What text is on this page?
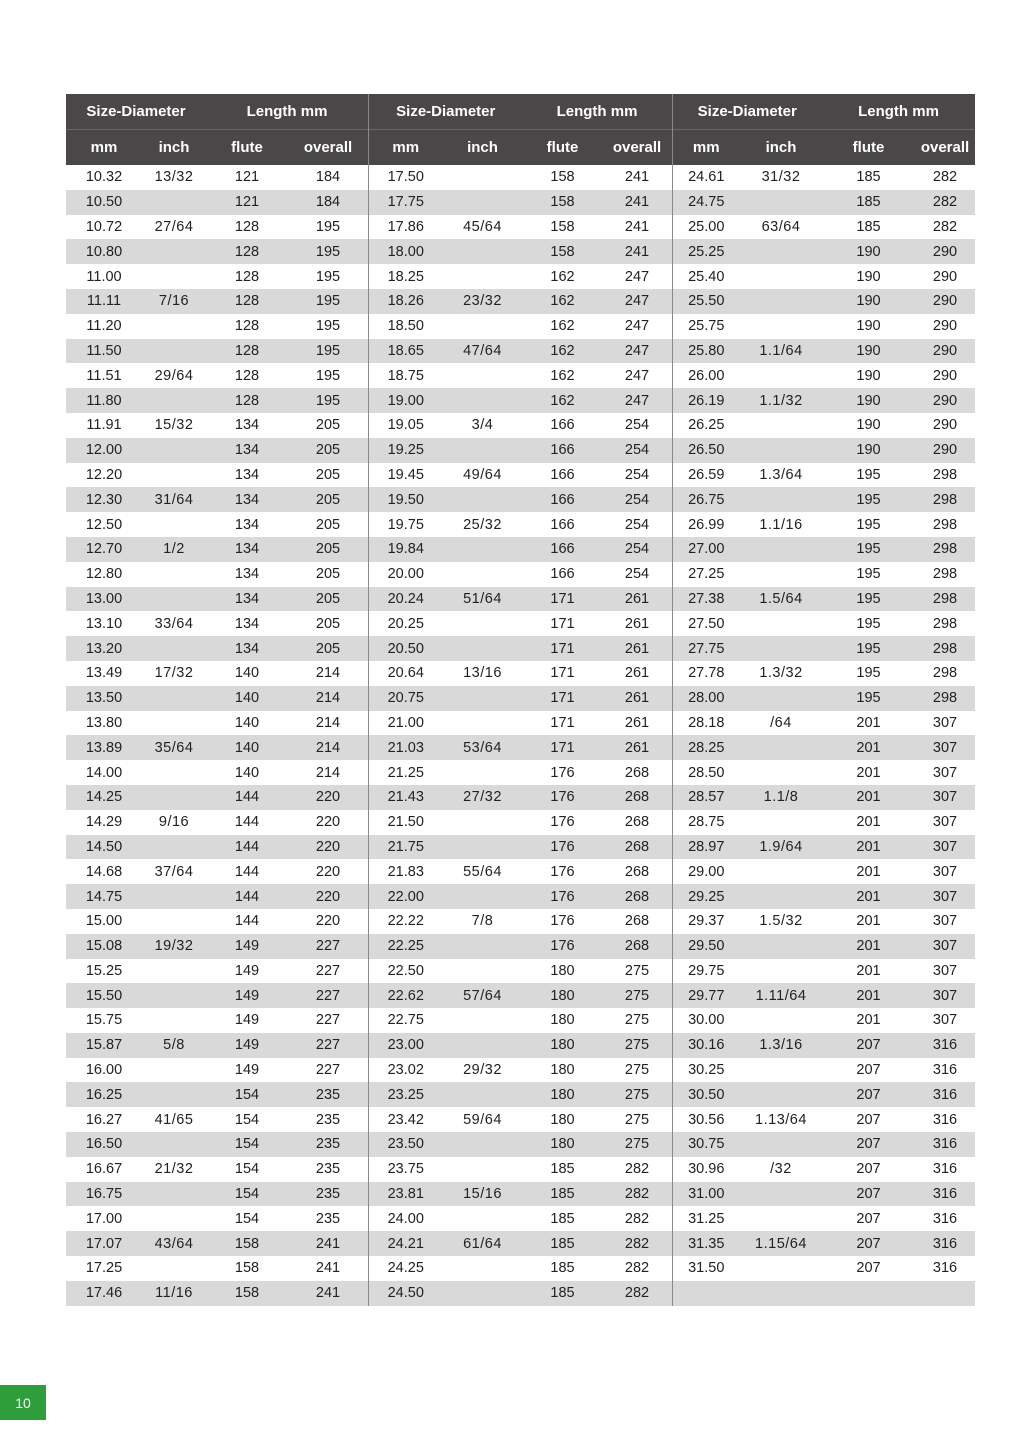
Size-Diameter		Length mm	
mm	inch	flute	overall
10.32	13/32	121	184
10.50		121	184
10.72	27/64	128	195
10.80		128	195
11.00		128	195
11.11	7/16	128	195
11.20		128	195
11.50		128	195
11.51	29/64	128	195
11.80		128	195
11.91	15/32	134	205
12.00		134	205
12.20		134	205
12.30	31/64	134	205
12.50		134	205
12.70	1/2	134	205
12.80		134	205
13.00		134	205
13.10	33/64	134	205
13.20		134	205
13.49	17/32	140	214
13.50		140	214
13.80		140	214
13.89	35/64	140	214
14.00		140	214
14.25		144	220
14.29	9/16	144	220
14.50		144	220
14.68	37/64	144	220
14.75		144	220
15.00		144	220
15.08	19/32	149	227
15.25		149	227
15.50		149	227
15.75		149	227
15.87	5/8	149	227
16.00		149	227
16.25		154	235
16.27	41/65	154	235
16.50		154	235
16.67	21/32	154	235
16.75		154	235
17.00		154	235
17.07	43/64	158	241
17.25		158	241
17.46	11/16	158	241
Size-Diameter		Length mm	
mm	inch	flute	overall
17.50		158	241
17.75		158	241
17.86	45/64	158	241
18.00		158	241
18.25		162	247
18.26	23/32	162	247
18.50		162	247
18.65	47/64	162	247
18.75		162	247
19.00		162	247
19.05	3/4	166	254
19.25		166	254
19.45	49/64	166	254
19.50		166	254
19.75	25/32	166	254
19.84		166	254
20.00		166	254
20.24	51/64	171	261
20.25		171	261
20.50		171	261
20.64	13/16	171	261
20.75		171	261
21.00		171	261
21.03	53/64	171	261
21.25		176	268
21.43	27/32	176	268
21.50		176	268
21.75		176	268
21.83	55/64	176	268
22.00		176	268
22.22	7/8	176	268
22.25		176	268
22.50		180	275
22.62	57/64	180	275
22.75		180	275
23.00		180	275
23.02	29/32	180	275
23.25		180	275
23.42	59/64	180	275
23.50		180	275
23.75		185	282
23.81	15/16	185	282
24.00		185	282
24.21	61/64	185	282
24.25		185	282
24.50		185	282
Size-Diameter		Length mm	
mm	inch	flute	overall
24.61	31/32	185	282
24.75		185	282
25.00	63/64	185	282
25.25		190	290
25.40		190	290
25.50		190	290
25.75		190	290
25.80	1.1/64	190	290
26.00		190	290
26.19	1.1/32	190	290
26.25		190	290
26.50		190	290
26.59	1.3/64	195	298
26.75		195	298
26.99	1.1/16	195	298
27.00		195	298
27.25		195	298
27.38	1.5/64	195	298
27.50		195	298
27.75		195	298
27.78	1.3/32	195	298
28.00		195	298
28.18	/64	201	307
28.25		201	307
28.50		201	307
28.57	1.1/8	201	307
28.75		201	307
28.97	1.9/64	201	307
29.00		201	307
29.25		201	307
29.37	1.5/32	201	307
29.50		201	307
29.75		201	307
29.77	1.11/64	201	307
30.00		201	307
30.16	1.3/16	207	316
30.25		207	316
30.50		207	316
30.56	1.13/64	207	316
30.75		207	316
30.96	/32	207	316
31.00		207	316
31.25		207	316
31.35	1.15/64	207	316
31.50		207	316

10
